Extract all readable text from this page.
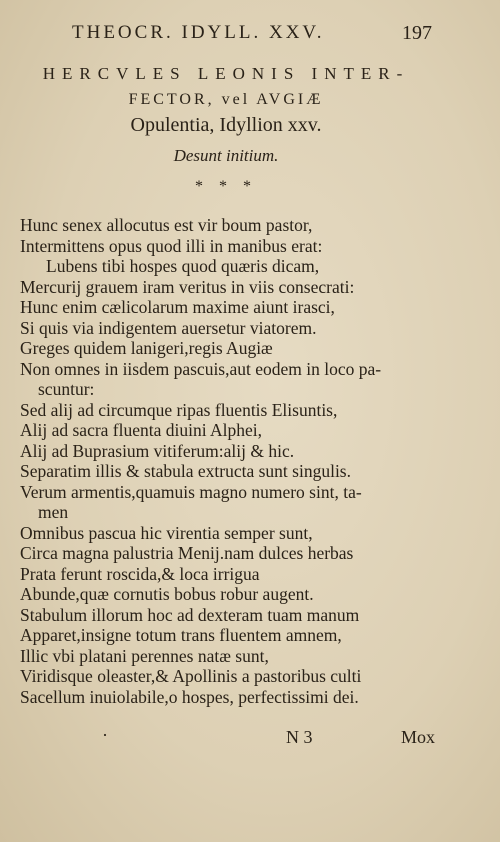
THEOCR. IDYLL. XXV.	197
HERCVLES LEONIS INTER-
FECTOR, vel AVGIÆ
Opulentia, Idyllion xxv.
Desunt initium.
* * *
Hunc senex allocutus est vir boum pastor,
Intermittens opus quod illi in manibus erat:
Lubens tibi hospes quod quæris dicam,
Mercurij grauem iram veritus in viis consecrati:
Hunc enim cælicolarum maxime aiunt irasci,
Si quis via indigentem auersetur viatorem.
Greges quidem lanigeri,regis Augiæ
Non omnes in iisdem pascuis,aut eodem in loco pa-
scuntur:
Sed alij ad circumque ripas fluentis Elisuntis,
Alij ad sacra fluenta diuini Alphei,
Alij ad Buprasium vitiferum:alij & hic.
Separatim illis & stabula extructa sunt singulis.
Verum armentis,quamuis magno numero sint, ta-
men
Omnibus pascua hic virentia semper sunt,
Circa magna palustria Menij.nam dulces herbas
Prata ferunt roscida,& loca irrigua
Abunde,quæ cornutis bobus robur augent.
Stabulum illorum hoc ad dexteram tuam manum
Apparet,insigne totum trans fluentem amnem,
Illic vbi platani perennes natæ sunt,
Viridisque oleaster,& Apollinis a pastoribus culti
Sacellum inuiolabile,o hospes, perfectissimi dei.
·	N 3	Mox
